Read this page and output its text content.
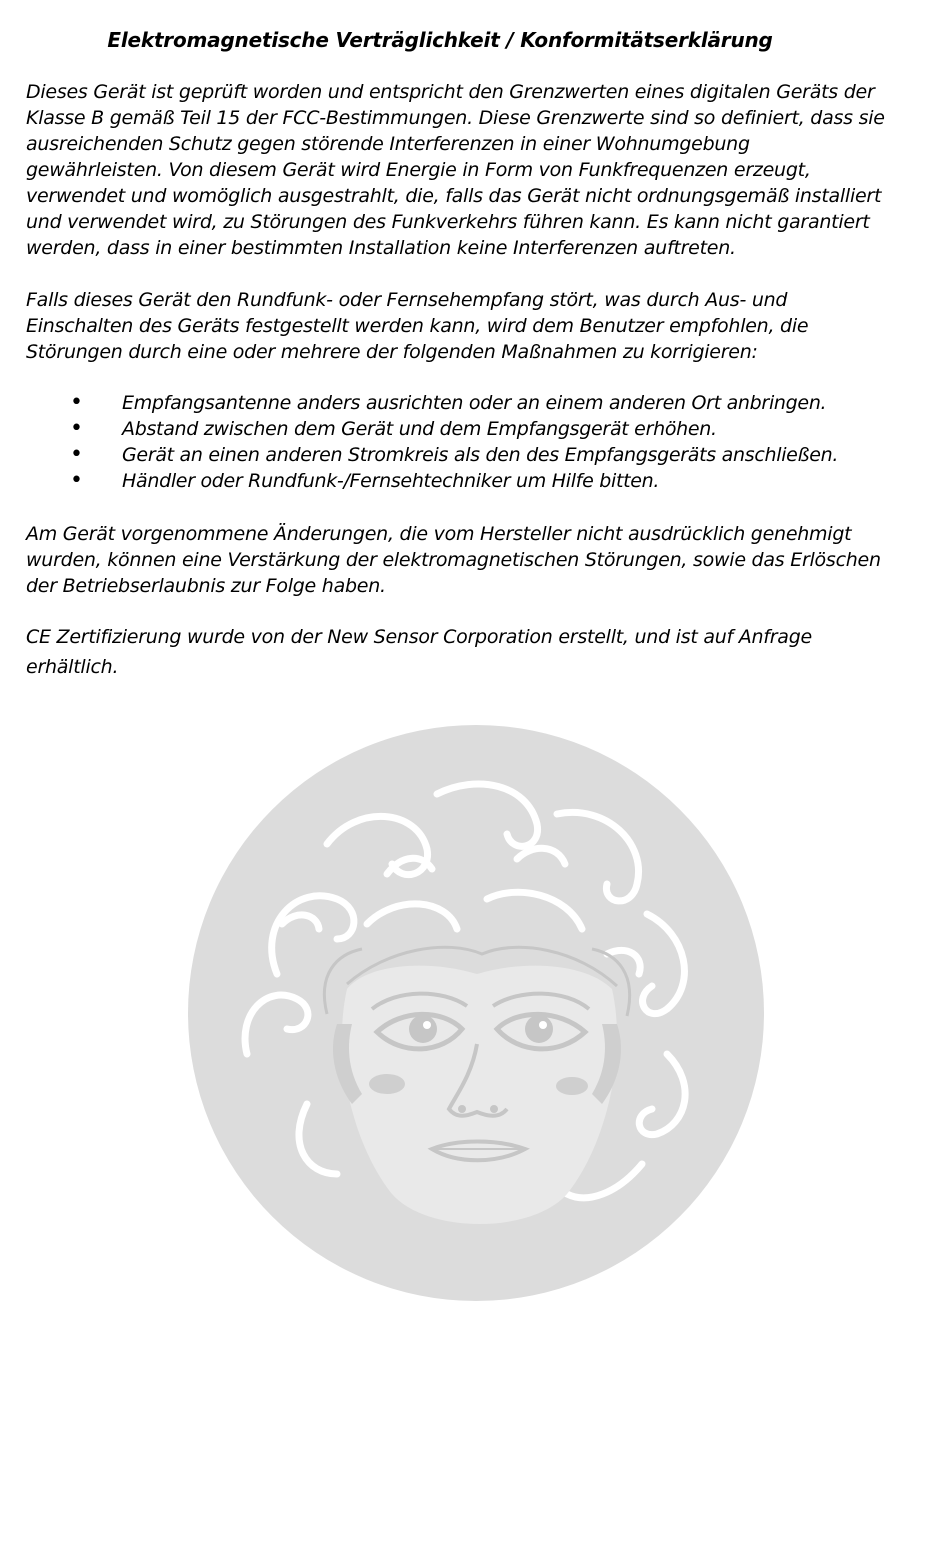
Elektromagnetische Verträglichkeit / Konformitätserklärung
Dieses Gerät ist geprüft worden und entspricht den Grenzwerten eines digitalen Geräts der Klasse B gemäß Teil 15 der FCC-Bestimmungen. Diese Grenzwerte sind so definiert, dass sie ausreichenden Schutz gegen störende Interferenzen in einer Wohnumgebung gewährleisten. Von diesem Gerät wird Energie in Form von Funkfrequenzen erzeugt, verwendet und womöglich ausgestrahlt, die, falls das Gerät nicht ordnungsgemäß installiert und verwendet wird, zu Störungen des Funkverkehrs führen kann. Es kann nicht garantiert werden, dass in einer bestimmten Installation keine Interferenzen auftreten.
Falls dieses Gerät den Rundfunk- oder Fernsehempfang stört, was durch Aus- und Einschalten des Geräts festgestellt werden kann, wird dem Benutzer empfohlen, die Störungen durch eine oder mehrere der folgenden Maßnahmen zu korrigieren:
• Empfangsantenne anders ausrichten oder an einem anderen Ort anbringen.
• Abstand zwischen dem Gerät und dem Empfangsgerät erhöhen.
• Gerät an einen anderen Stromkreis als den des Empfangsgeräts anschließen.
• Händler oder Rundfunk-/Fernsehtechniker um Hilfe bitten.
Am Gerät vorgenommene Änderungen, die vom Hersteller nicht ausdrücklich genehmigt wurden, können eine Verstärkung der elektromagnetischen Störungen, sowie das Erlöschen der Betriebserlaubnis zur Folge haben.
CE Zertifizierung wurde von der New Sensor Corporation erstellt, und ist auf Anfrage
erhältlich.
